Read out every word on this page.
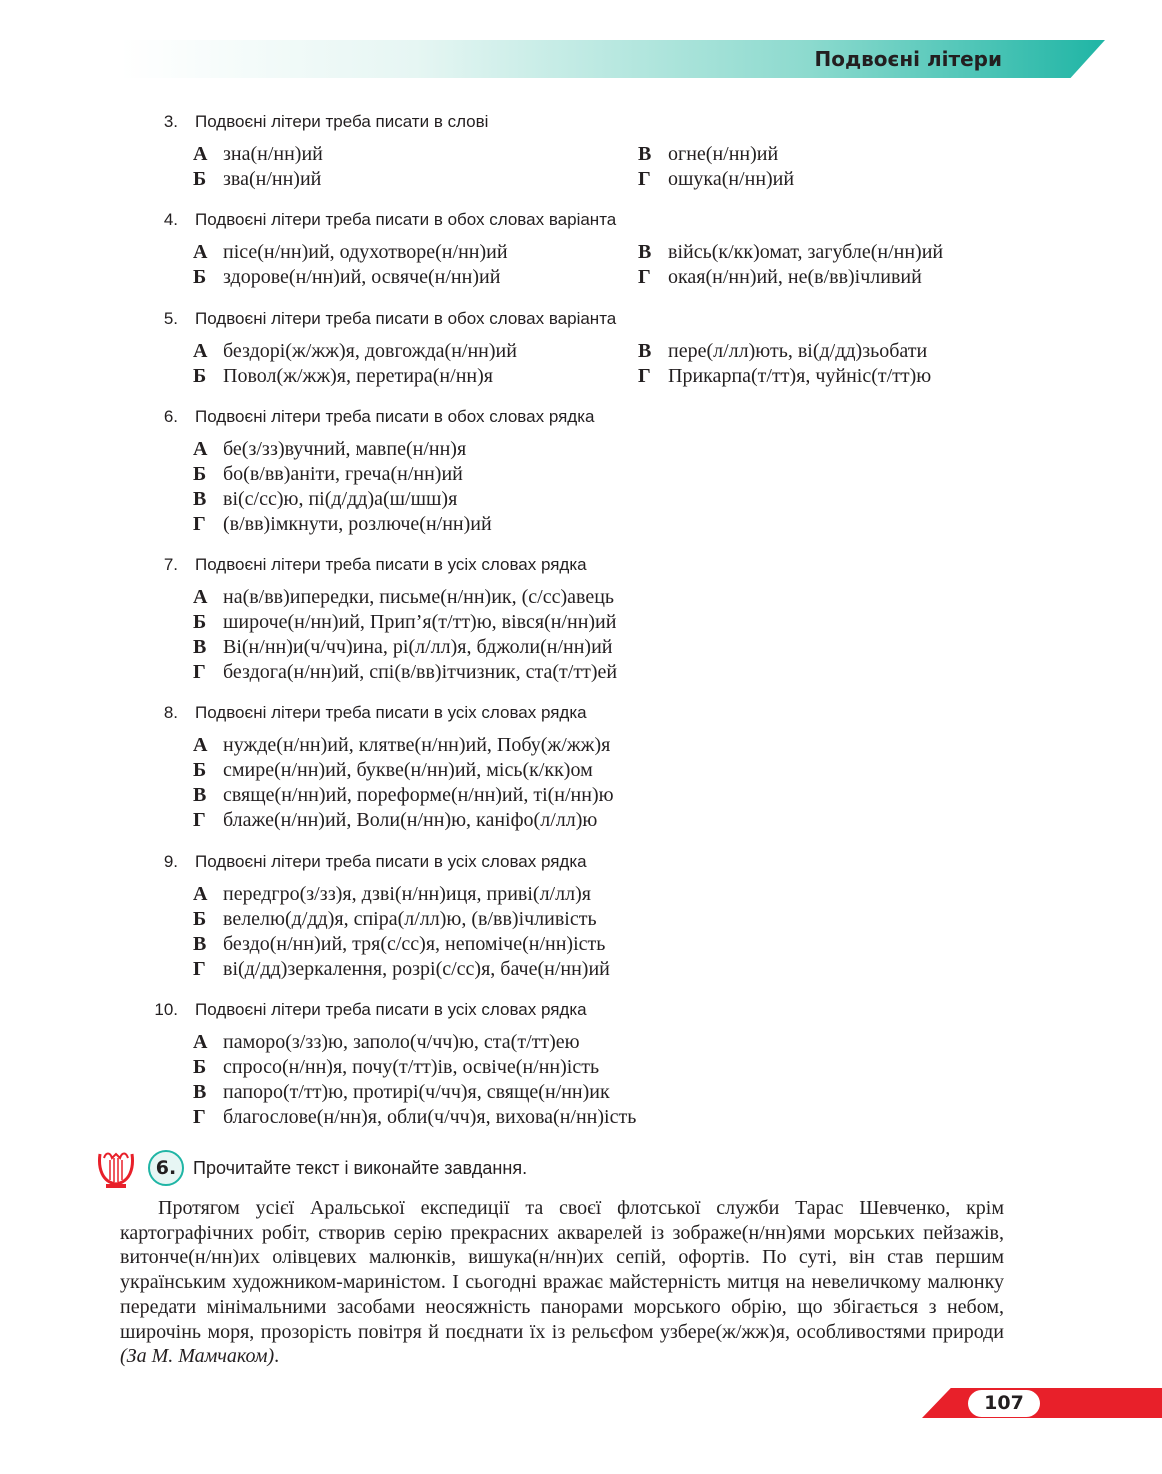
Подвоєні літери
3. Подвоєні літери треба писати в слові
А зна(н/нн)ий
Б зва(н/нн)ий
В огне(н/нн)ий
Г ошука(н/нн)ий
4. Подвоєні літери треба писати в обох словах варіанта
А пісе(н/нн)ий, одухотворе(н/нн)ий
Б здорове(н/нн)ий, освяче(н/нн)ий
В війсь(к/кк)омат, загубле(н/нн)ий
Г окая(н/нн)ий, не(в/вв)ічливий
5. Подвоєні літери треба писати в обох словах варіанта
А бездорі(ж/жж)я, довгожда(н/нн)ий
Б Повол(ж/жж)я, перетира(н/нн)я
В пере(л/лл)ють, ві(д/дд)зьобати
Г Прикарпа(т/тт)я, чуйніс(т/тт)ю
6. Подвоєні літери треба писати в обох словах рядка
А бе(з/зз)вучний, мавпе(н/нн)я
Б бо(в/вв)аніти, греча(н/нн)ий
В ві(с/сс)ю, пі(д/дд)а(ш/шш)я
Г (в/вв)імкнути, розлюче(н/нн)ий
7. Подвоєні літери треба писати в усіх словах рядка
А на(в/вв)ипередки, письме(н/нн)ик, (с/сс)авець
Б широче(н/нн)ий, Прип’я(т/тт)ю, вівся(н/нн)ий
В Ві(н/нн)и(ч/чч)ина, рі(л/лл)я, бджоли(н/нн)ий
Г бездога(н/нн)ий, спі(в/вв)ітчизник, ста(т/тт)ей
8. Подвоєні літери треба писати в усіх словах рядка
А нужде(н/нн)ий, клятве(н/нн)ий, Побу(ж/жж)я
Б смире(н/нн)ий, букве(н/нн)ий, місь(к/кк)ом
В свяще(н/нн)ий, пореформе(н/нн)ий, ті(н/нн)ю
Г блаже(н/нн)ий, Воли(н/нн)ю, каніфо(л/лл)ю
9. Подвоєні літери треба писати в усіх словах рядка
А передгро(з/зз)я, дзві(н/нн)иця, приві(л/лл)я
Б велелю(д/дд)я, спіра(л/лл)ю, (в/вв)ічливість
В бездо(н/нн)ий, тря(с/сс)я, непоміче(н/нн)ість
Г ві(д/дд)зеркалення, розрі(с/сс)я, баче(н/нн)ий
10. Подвоєні літери треба писати в усіх словах рядка
А паморо(з/зз)ю, заполо(ч/чч)ю, ста(т/тт)ею
Б спросо(н/нн)я, почу(т/тт)ів, освіче(н/нн)ість
В папоро(т/тт)ю, протирі(ч/чч)я, свяще(н/нн)ик
Г благослове(н/нн)я, обли(ч/чч)я, вихова(н/нн)ість
6. Прочитайте текст і виконайте завдання.
Протягом усієї Аральської експедиції та своєї флотської служби Тарас Шевченко, крім картографічних робіт, створив серію прекрасних акварелей із зображе(н/нн)ями морських пейзажів, витонче(н/нн)их олівцевих малюнків, вишука(н/нн)их сепій, офортів. По суті, він став першим українським художником-мариністом. І сьогодні вражає майстерність митця на невеличкому малюнку передати мінімальними засобами неосяжність панорами морського обрію, що збігається з небом, широчінь моря, прозорість повітря й поєднати їх із рельєфом узбере(ж/жж)я, особливостями природи (За М. Мамчаком).
107
